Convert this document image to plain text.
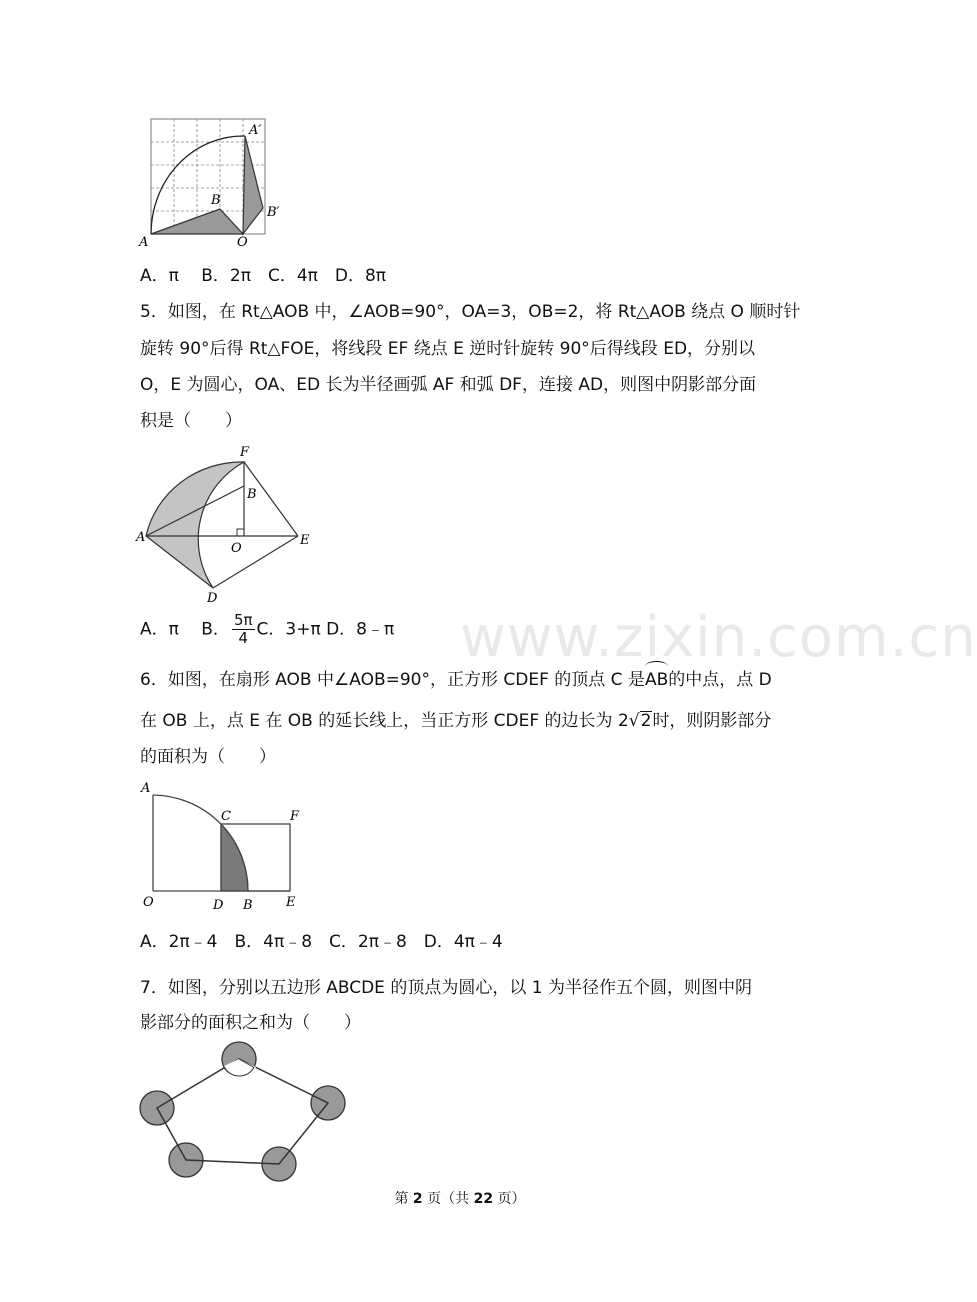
www.zixin.com.cn
A	O
B
A′
B′
A．π　 B．2π　C．4π　D．8π
5．如图，在 Rt△AOB 中，∠AOB=90°，OA=3，OB=2，将 Rt△AOB 绕点 O 顺时针
旋转 90°后得 Rt△FOE，将线段 EF 绕点 E 逆时针旋转 90°后得线段 ED，分别以
O，E 为圆心，OA、ED 长为半径画弧 AF 和弧 DF，连接 AD，则图中阴影部分面
积是（　　）
F
B
A
O
E
D
A．π　 B． $\frac{5\pi}{4}$ C．3+π D．8﹣π
6．如图，在扇形 AOB 中∠AOB=90°，正方形 CDEF 的顶点 C 是
AB的中点，点 D
在 OB 上，点 E 在 OB 的延长线上，当正方形 CDEF 的边长为 2√2时，则阴影部分
的面积为（　　）
A
C	F
O	D B	E
A．2π﹣4　B．4π﹣8　C．2π﹣8　D．4π﹣4
7．如图，分别以五边形 ABCDE 的顶点为圆心，以 1 为半径作五个圆，则图中阴
影部分的面积之和为（　　）
第 2 页（共 22 页）
